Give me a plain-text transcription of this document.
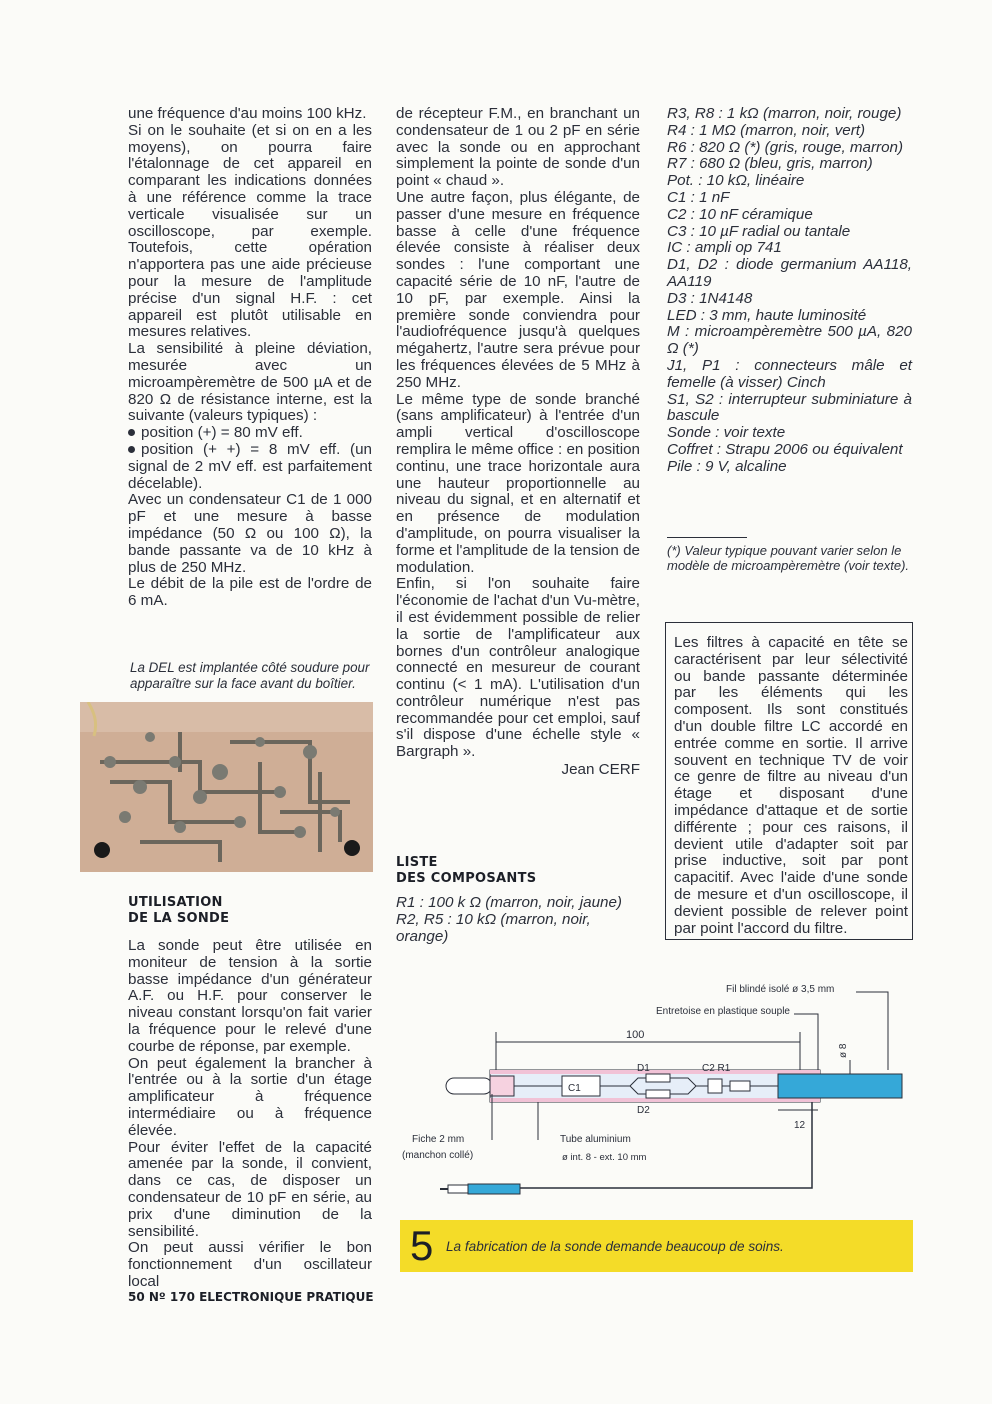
une fréquence d'au moins 100 kHz.

Si on le souhaite (et si on en a les moyens), on pourra faire l'étalonnage de cet appareil en comparant les indications données à une référence comme la trace verticale visualisée sur un oscilloscope, par exemple. Toutefois, cette opération n'apportera pas une aide précieuse pour la mesure de l'amplitude précise d'un signal H.F. : cet appareil est plutôt utilisable en mesures relatives.

La sensibilité à pleine déviation, mesurée avec un microampèremètre de 500 µA et de 820 Ω de résistance interne, est la suivante (valeurs typiques) :

position (+) = 80 mV eff.

position (+ +) = 8 mV eff. (un signal de 2 mV eff. est parfaitement décelable).

Avec un condensateur C1 de 1 000 pF et une mesure à basse impédance (50 Ω ou 100 Ω), la bande passante va de 10 kHz à plus de 250 MHz.

Le débit de la pile est de l'ordre de 6 mA.

La DEL est implantée côté soudure pour apparaître sur la face avant du boîtier.
UTILISATION
DE LA SONDE

La sonde peut être utilisée en moniteur de tension à la sortie basse impédance d'un générateur A.F. ou H.F. pour conserver le niveau constant lorsqu'on fait varier la fréquence pour le relevé d'une courbe de réponse, par exemple.

On peut également la brancher à l'entrée ou à la sortie d'un étage amplificateur à fréquence intermédiaire ou à fréquence élevée.

Pour éviter l'effet de la capacité amenée par la sonde, il convient, dans ce cas, de disposer un condensateur de 10 pF en série, au prix d'une diminution de la sensibilité.

On peut aussi vérifier le bon fonctionnement d'un oscillateur local

de récepteur F.M., en branchant un condensateur de 1 ou 2 pF en série avec la sonde ou en approchant simplement la pointe de sonde d'un point « chaud ».

Une autre façon, plus élégante, de passer d'une mesure en fréquence basse à celle d'une fréquence élevée consiste à réaliser deux sondes : l'une comportant une capacité série de 10 nF, l'autre de 10 pF, par exemple. Ainsi la première sonde conviendra pour l'audiofréquence jusqu'à quelques mégahertz, l'autre sera prévue pour les fréquences élevées de 5 MHz à 250 MHz.

Le même type de sonde branché (sans amplificateur) à l'entrée d'un ampli vertical d'oscilloscope remplira le même office : en position continu, une trace horizontale aura une hauteur proportionnelle au niveau du signal, et en alternatif et en présence de modulation d'amplitude, on pourra visualiser la forme et l'amplitude de la tension de modulation.

Enfin, si l'on souhaite faire l'économie de l'achat d'un Vu-mètre, il est évidemment possible de relier la sortie de l'amplificateur aux bornes d'un contrôleur analogique connecté en mesureur de courant continu (< 1 mA). L'utilisation d'un contrôleur numérique n'est pas recommandée pour cet emploi, sauf s'il dispose d'une échelle style « Bargraph ».

Jean CERF

LISTE
DES COMPOSANTS

R1 : 100 k Ω (marron, noir, jaune)

R2, R5 : 10 kΩ (marron, noir, orange)

R3, R8 : 1 kΩ (marron, noir, rouge)

R4 : 1 MΩ (marron, noir, vert)

R6 : 820 Ω (*) (gris, rouge, marron)

R7 : 680 Ω (bleu, gris, marron)

Pot. : 10 kΩ, linéaire

C1 : 1 nF

C2 : 10 nF céramique

C3 : 10 µF radial ou tantale

IC : ampli op 741

D1, D2 : diode germanium AA118, AA119

D3 : 1N4148

LED : 3 mm, haute luminosité

M : microampèremètre 500 µA, 820 Ω (*)

J1, P1 : connecteurs mâle et femelle (à visser) Cinch

S1, S2 : interrupteur subminiature à bascule

Sonde : voir texte

Coffret : Strapu 2006 ou équivalent

Pile : 9 V, alcaline

(*) Valeur typique pouvant varier selon le modèle de microampèremètre (voir texte).
Les filtres à capacité en tête se caractérisent par leur sélectivité ou bande passante déterminée par les éléments qui les composent. Ils sont constitués d'un double filtre LC accordé en entrée comme en sortie. Il arrive souvent en technique TV de voir ce genre de filtre au niveau d'un étage et disposant d'une impédance d'attaque et de sortie différente ; pour ces raisons, il devient utile d'adapter soit par prise inductive, soit par pont capacitif. Avec l'aide d'une sonde de mesure et d'un oscilloscope, il devient possible de relever point par point l'accord du filtre.
Fil blindé isolé ø 3,5 mm
Entretoise en plastique souple
100
ø 8
C1
D1
D2
C2 R1
12
Fiche 2 mm
(manchon collé)
Tube aluminium
ø int. 8 - ext. 10 mm
5 La fabrication de la sonde demande beaucoup de soins.
50 Nº 170 ELECTRONIQUE PRATIQUE
